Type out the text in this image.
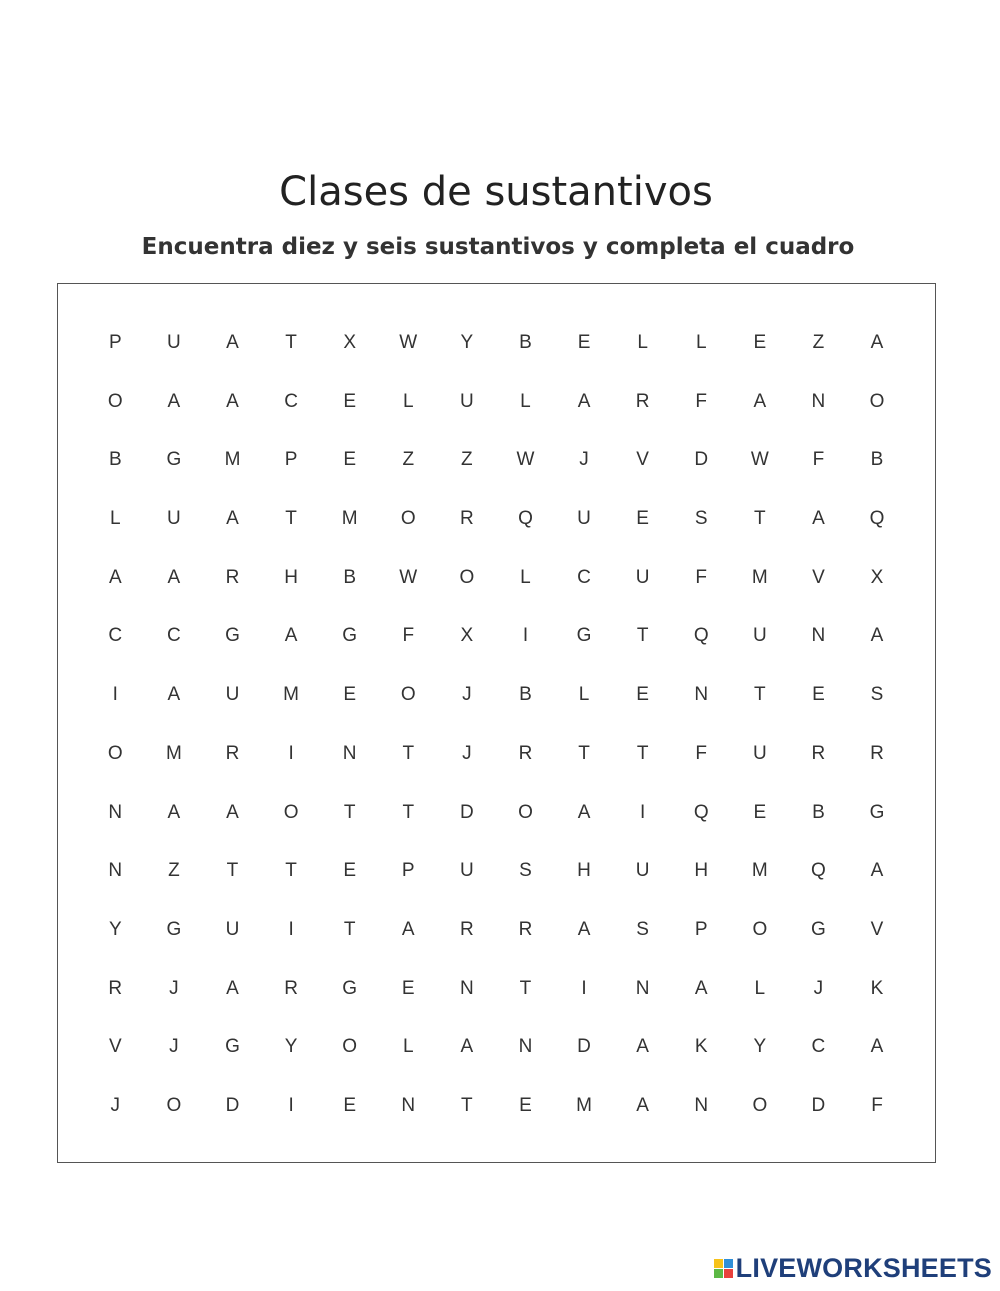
Clases de sustantivos
Encuentra diez y seis sustantivos y completa el cuadro
P	U	A	T	X	W	Y	B	E	L	L	E	Z	A
O	A	A	C	E	L	U	L	A	R	F	A	N	O
B	G	M	P	E	Z	Z	W	J	V	D	W	F	B
L	U	A	T	M	O	R	Q	U	E	S	T	A	Q
A	A	R	H	B	W	O	L	C	U	F	M	V	X
C	C	G	A	G	F	X	I	G	T	Q	U	N	A
I	A	U	M	E	O	J	B	L	E	N	T	E	S
O	M	R	I	N	T	J	R	T	T	F	U	R	R
N	A	A	O	T	T	D	O	A	I	Q	E	B	G
N	Z	T	T	E	P	U	S	H	U	H	M	Q	A
Y	G	U	I	T	A	R	R	A	S	P	O	G	V
R	J	A	R	G	E	N	T	I	N	A	L	J	K
V	J	G	Y	O	L	A	N	D	A	K	Y	C	A
J	O	D	I	E	N	T	E	M	A	N	O	D	F
LIVEWORKSHEETS
